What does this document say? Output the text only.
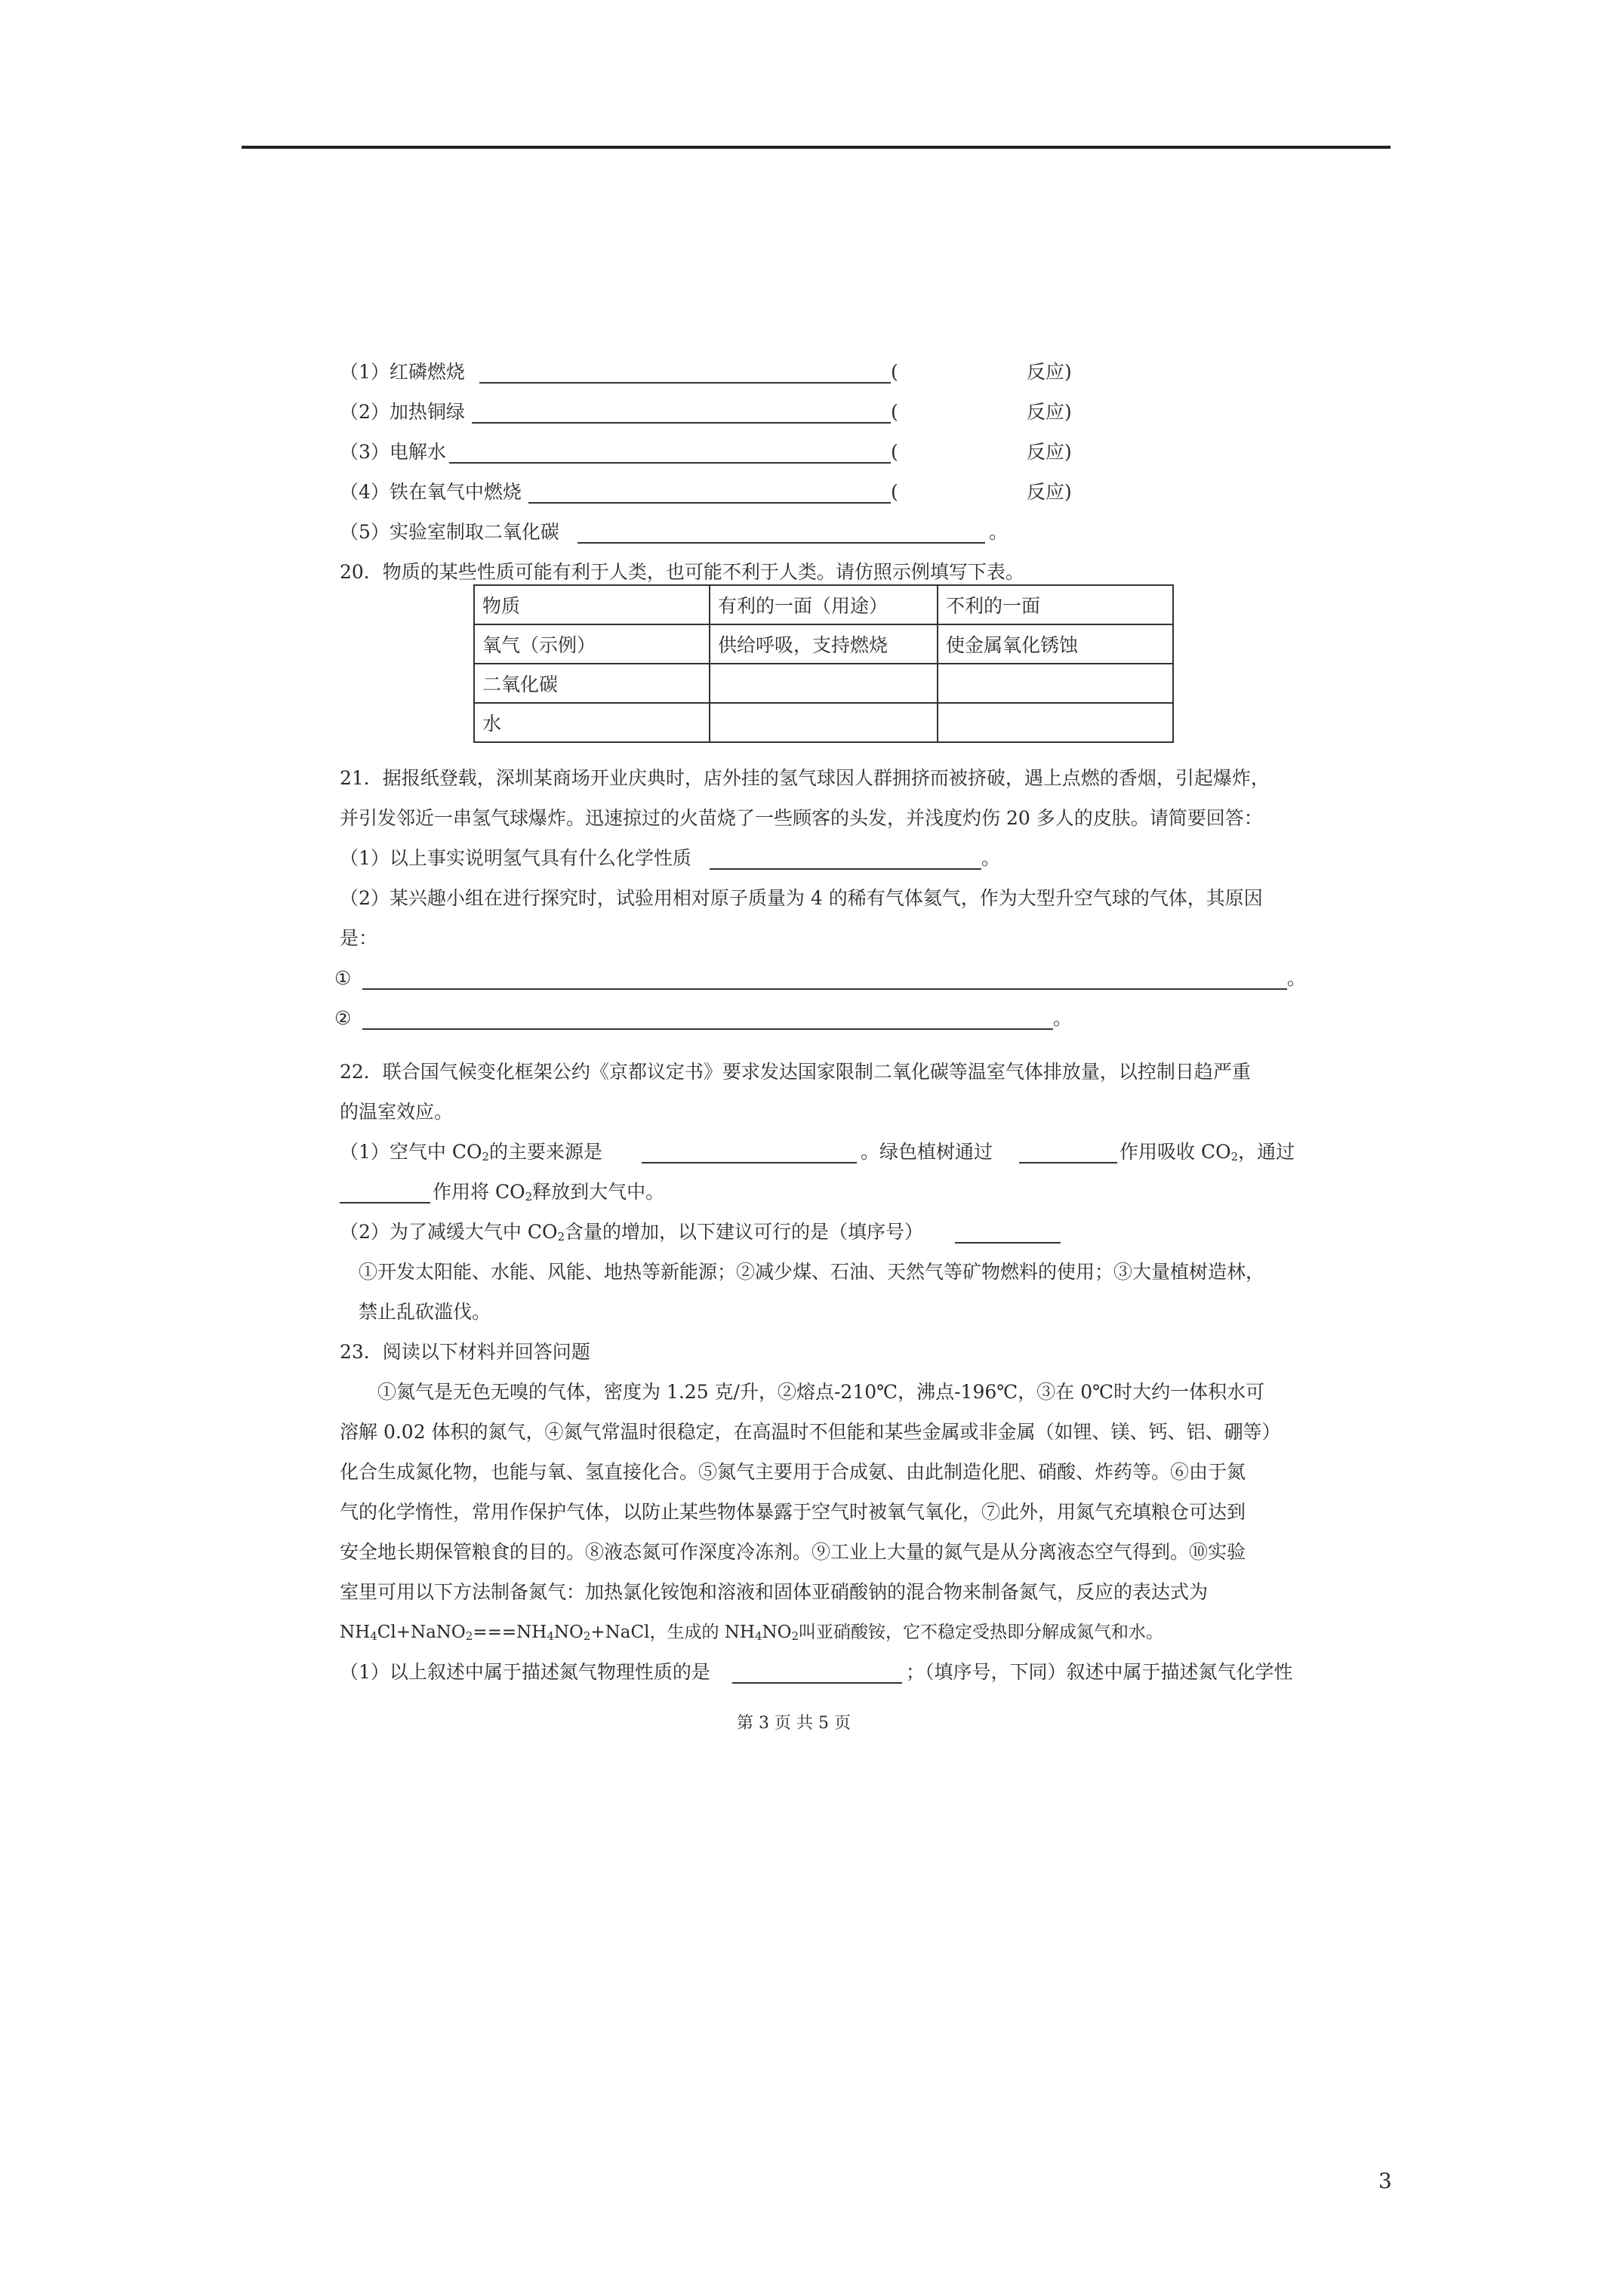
（1）红磷燃烧	(	反应)
（2）加热铜绿	(	反应)
（3）电解水	(	反应)
（4）铁在氧气中燃烧	(	反应)
（5）实验室制取二氧化碳	。
20．物质的某些性质可能有利于人类，也可能不利于人类。请仿照示例填写下表。
物质	有利的一面（用途）	不利的一面
氧气（示例）	供给呼吸，支持燃烧	使金属氧化锈蚀
二氧化碳		
水		
21．据报纸登载，深圳某商场开业庆典时，店外挂的氢气球因人群拥挤而被挤破，遇上点燃的香烟，引起爆炸，
并引发邻近一串氢气球爆炸。迅速掠过的火苗烧了一些顾客的头发，并浅度灼伤 20 多人的皮肤。请简要回答：
（1）以上事实说明氢气具有什么化学性质	。
（2）某兴趣小组在进行探究时，试验用相对原子质量为 4 的稀有气体氦气，作为大型升空气球的气体，其原因
是：
①	。
②	。
22．联合国气候变化框架公约《京都议定书》要求发达国家限制二氧化碳等温室气体排放量，以控制日趋严重
的温室效应。
（1）空气中 $CO_2$的主要来源是	。绿色植树通过	作用吸收 $CO_2$，通过
作用将 $CO_2$释放到大气中。
（2）为了减缓大气中 $CO_2$含量的增加，以下建议可行的是（填序号）
①开发太阳能、水能、风能、地热等新能源；②减少煤、石油、天然气等矿物燃料的使用；③大量植树造林，
禁止乱砍滥伐。
23．阅读以下材料并回答问题
①氮气是无色无嗅的气体，密度为 1.25 克/升，②熔点-210℃，沸点-196℃，③在 0℃时大约一体积水可
溶解 0.02 体积的氮气，④氮气常温时很稳定，在高温时不但能和某些金属或非金属（如锂、镁、钙、铝、硼等）
化合生成氮化物，也能与氧、氢直接化合。⑤氮气主要用于合成氨、由此制造化肥、硝酸、炸药等。⑥由于氮
气的化学惰性，常用作保护气体，以防止某些物体暴露于空气时被氧气氧化，⑦此外，用氮气充填粮仓可达到
安全地长期保管粮食的目的。⑧液态氮可作深度冷冻剂。⑨工业上大量的氮气是从分离液态空气得到。⑩实验
室里可用以下方法制备氮气：加热氯化铵饱和溶液和固体亚硝酸钠的混合物来制备氮气，反应的表达式为
$NH_4Cl+NaNO_2===NH_4NO_2+NaCl$，生成的 $NH_4NO_2$叫亚硝酸铵，它不稳定受热即分解成氮气和水。
（1）以上叙述中属于描述氮气物理性质的是	；（填序号，下同）叙述中属于描述氮气化学性
第 3 页 共 5 页
3
